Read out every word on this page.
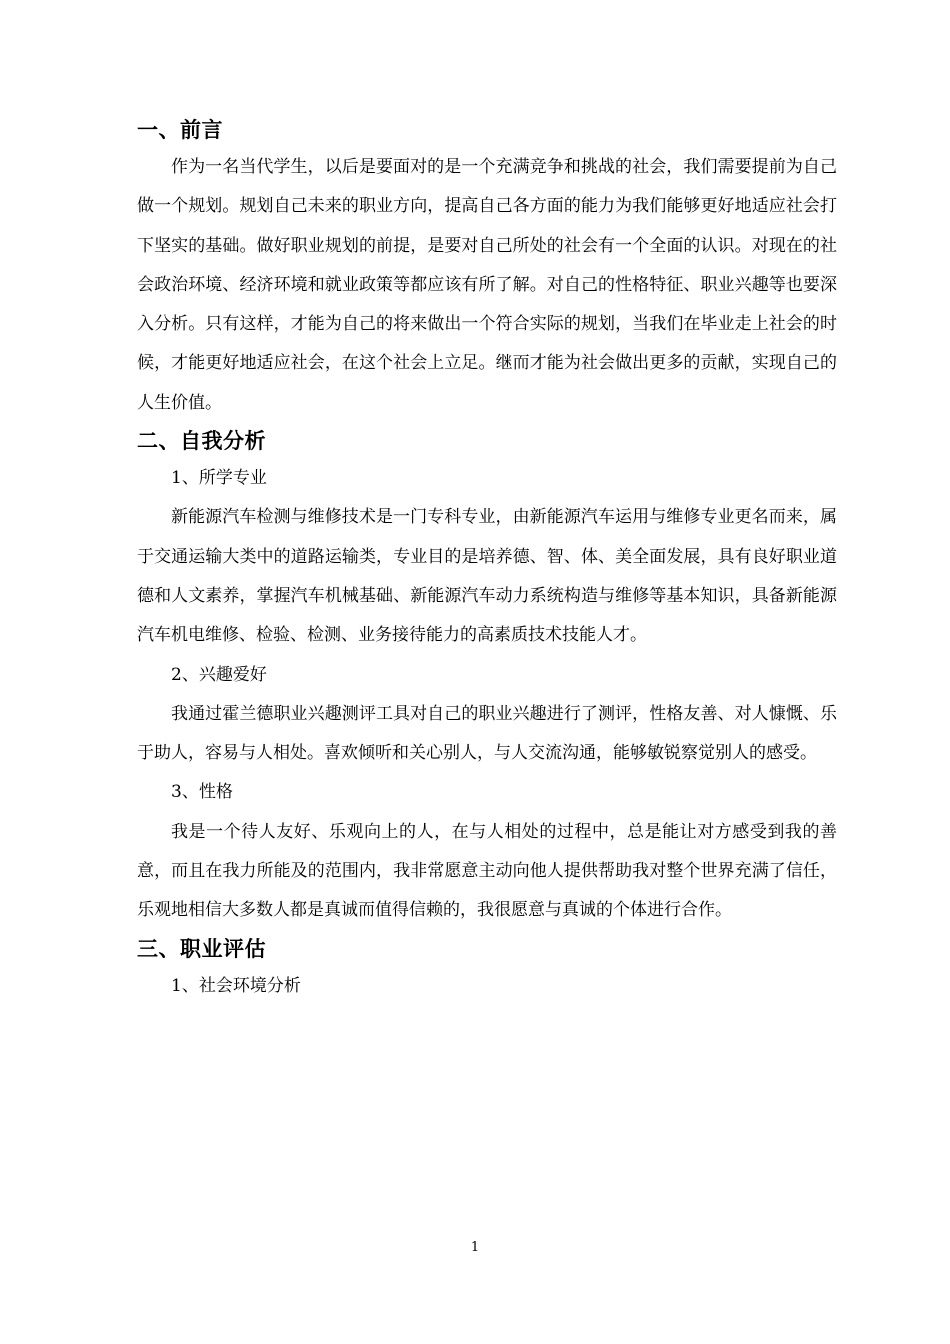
一、前言

作为一名当代学生，以后是要面对的是一个充满竞争和挑战的社会，我们需要提前为自己做一个规划。规划自己未来的职业方向，提高自己各方面的能力为我们能够更好地适应社会打下坚实的基础。做好职业规划的前提，是要对自己所处的社会有一个全面的认识。对现在的社会政治环境、经济环境和就业政策等都应该有所了解。对自己的性格特征、职业兴趣等也要深入分析。只有这样，才能为自己的将来做出一个符合实际的规划，当我们在毕业走上社会的时候，才能更好地适应社会，在这个社会上立足。继而才能为社会做出更多的贡献，实现自己的人生价值。

二、自我分析

1、所学专业

新能源汽车检测与维修技术是一门专科专业，由新能源汽车运用与维修专业更名而来，属于交通运输大类中的道路运输类，专业目的是培养德、智、体、美全面发展，具有良好职业道德和人文素养，掌握汽车机械基础、新能源汽车动力系统构造与维修等基本知识，具备新能源汽车机电维修、检验、检测、业务接待能力的高素质技术技能人才。

2、兴趣爱好

我通过霍兰德职业兴趣测评工具对自己的职业兴趣进行了测评，性格友善、对人慷慨、乐于助人，容易与人相处。喜欢倾听和关心别人，与人交流沟通，能够敏锐察觉别人的感受。

3、性格

我是一个待人友好、乐观向上的人，在与人相处的过程中，总是能让对方感受到我的善意，而且在我力所能及的范围内，我非常愿意主动向他人提供帮助我对整个世界充满了信任，乐观地相信大多数人都是真诚而值得信赖的，我很愿意与真诚的个体进行合作。

三、职业评估

1、社会环境分析

1
